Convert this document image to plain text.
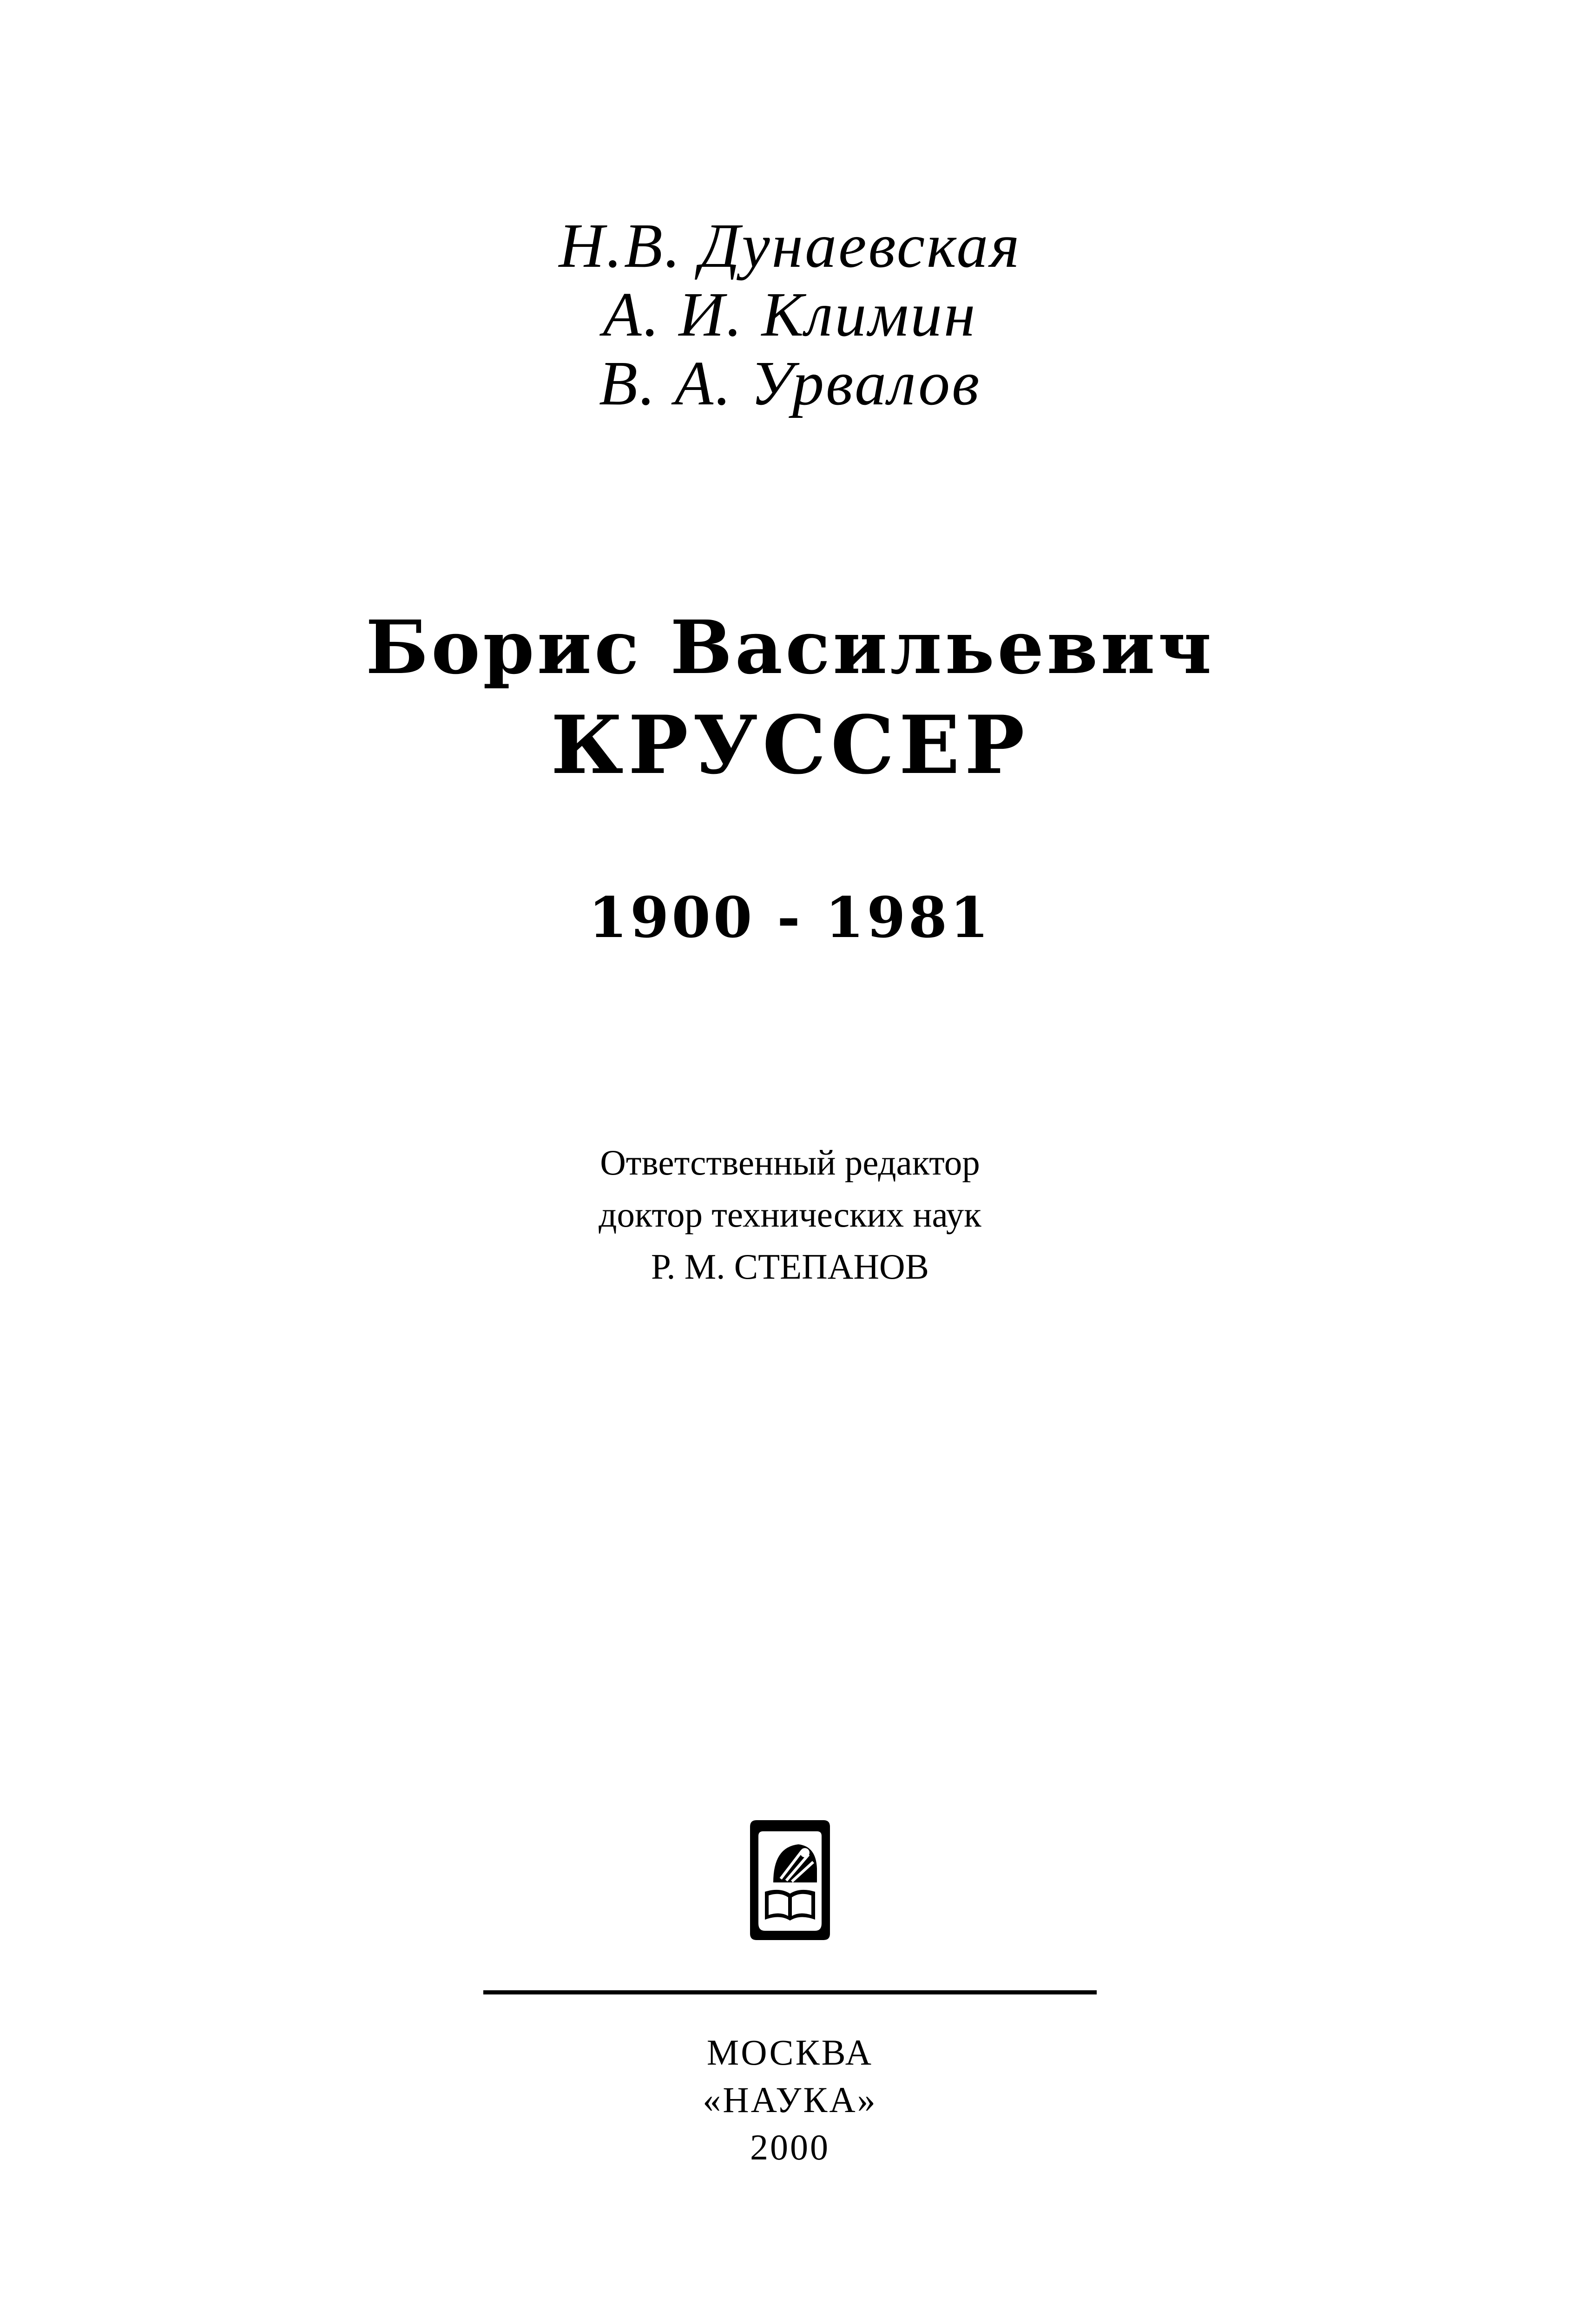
Н.В. Дунаевская
А. И. Климин
В. А. Урвалов
Борис Васильевич
КРУССЕР
1900 - 1981
Ответственный редактор
доктор технических наук
Р. М. СТЕПАНОВ
МОСКВА
«НАУКА»
2000
